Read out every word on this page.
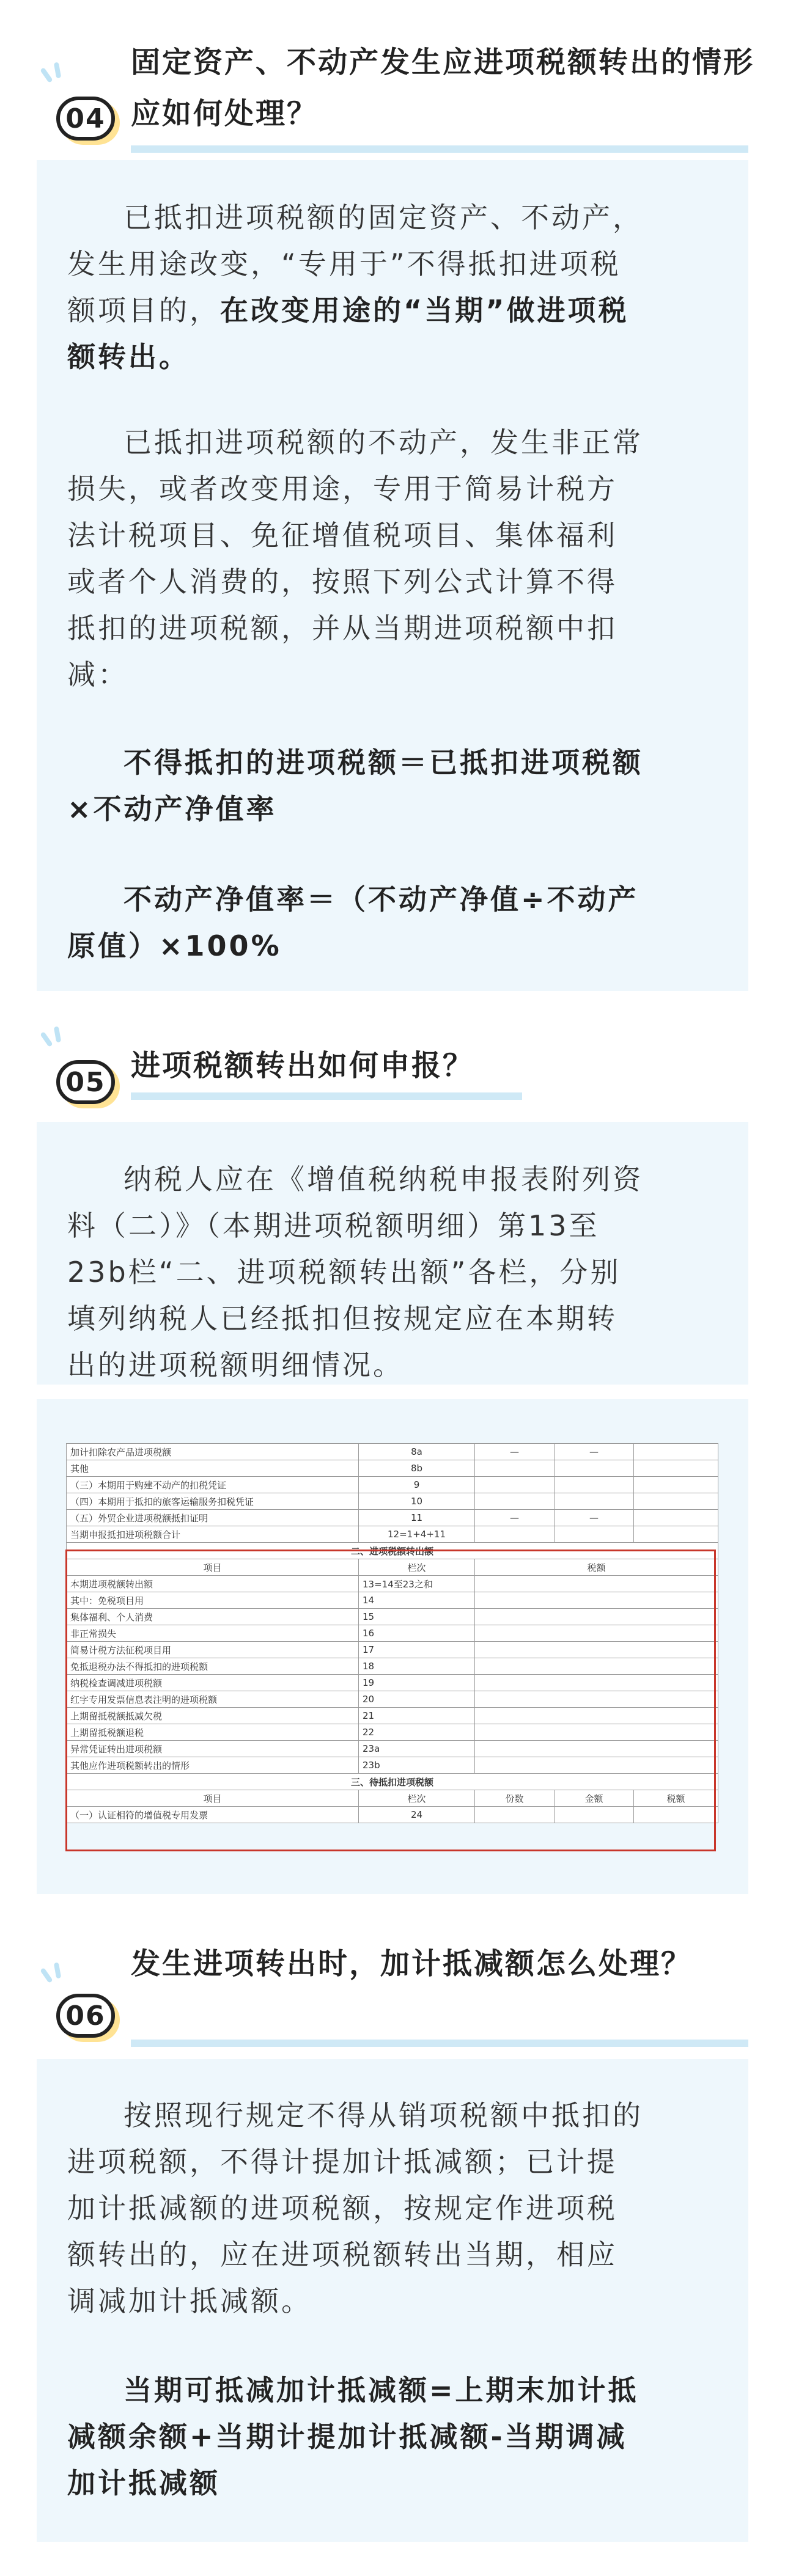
04
固定资产、不动产发生应进项税额转出的情形应如何处理？
已抵扣进项税额的固定资产、不动产，
发生用途改变，“专用于”不得抵扣进项税
额项目的，在改变用途的“当期”做进项税
额转出。
已抵扣进项税额的不动产，发生非正常
损失，或者改变用途，专用于简易计税方
法计税项目、免征增值税项目、集体福利
或者个人消费的，按照下列公式计算不得
抵扣的进项税额，并从当期进项税额中扣
减：
不得抵扣的进项税额＝已抵扣进项税额
×不动产净值率
不动产净值率＝（不动产净值÷不动产
原值）×100%
05 进项税额转出如何申报？
纳税人应在《增值税纳税申报表附列资
料（二）》（本期进项税额明细）第13至
23b栏“二、进项税额转出额”各栏，分别
填列纳税人已经抵扣但按规定应在本期转
出的进项税额明细情况。
加计扣除农产品进项税额	8a	—	—	
其他	8b			
（三）本期用于购建不动产的扣税凭证	9			
（四）本期用于抵扣的旅客运输服务扣税凭证	10			
（五）外贸企业进项税额抵扣证明	11	—	—	
当期申报抵扣进项税额合计	12=1+4+11			
二、进项税额转出额				
项目	栏次	税额		
本期进项税额转出额	13=14至23之和			
其中：免税项目用	14			
集体福利、个人消费	15			
非正常损失	16			
简易计税方法征税项目用	17			
免抵退税办法不得抵扣的进项税额	18			
纳税检查调减进项税额	19			
红字专用发票信息表注明的进项税额	20			
上期留抵税额抵减欠税	21			
上期留抵税额退税	22			
异常凭证转出进项税额	23a			
其他应作进项税额转出的情形	23b			
三、待抵扣进项税额				
项目	栏次	份数	金额	税额
（一）认证相符的增值税专用发票	24			
06
发生进项转出时，加计抵减额怎么处理？
按照现行规定不得从销项税额中抵扣的
进项税额，不得计提加计抵减额；已计提
加计抵减额的进项税额，按规定作进项税
额转出的，应在进项税额转出当期，相应
调减加计抵减额。
当期可抵减加计抵减额=上期末加计抵
减额余额+当期计提加计抵减额-当期调减
加计抵减额
